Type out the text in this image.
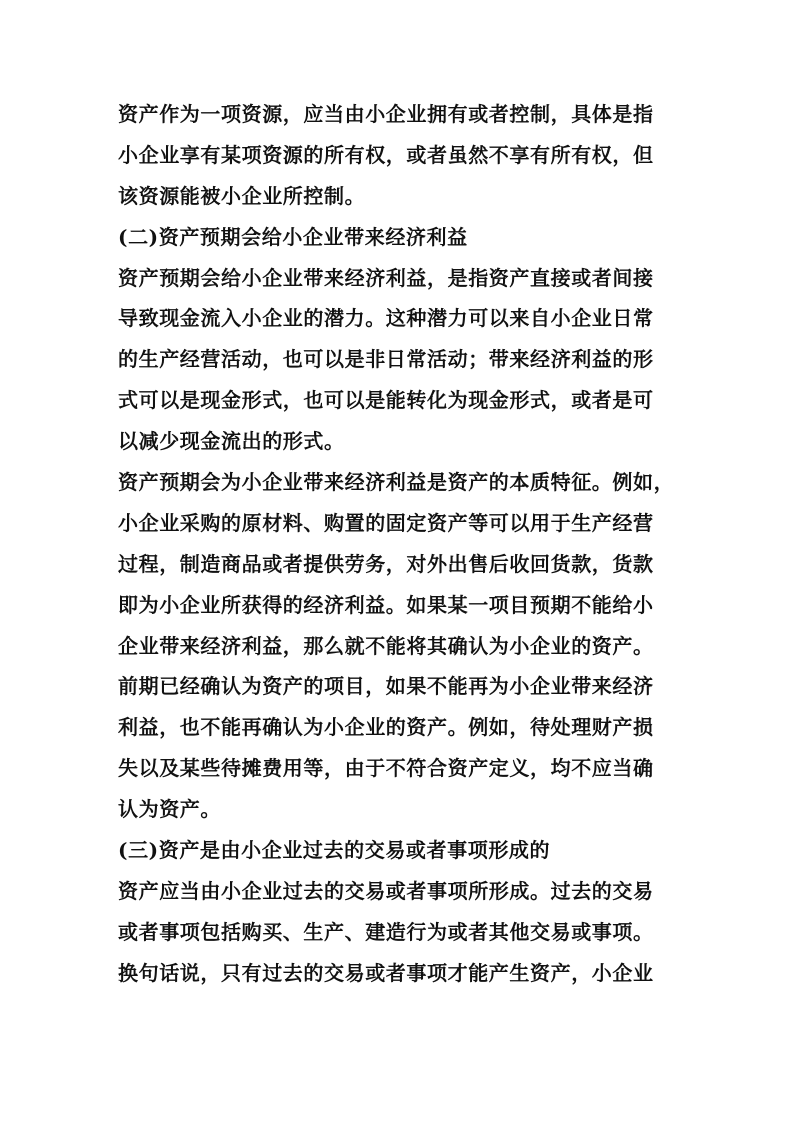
资产作为一项资源，应当由小企业拥有或者控制，具体是指
小企业享有某项资源的所有权，或者虽然不享有所有权，但
该资源能被小企业所控制。
(二)资产预期会给小企业带来经济利益
资产预期会给小企业带来经济利益，是指资产直接或者间接
导致现金流入小企业的潜力。这种潜力可以来自小企业日常
的生产经营活动，也可以是非日常活动；带来经济利益的形
式可以是现金形式，也可以是能转化为现金形式，或者是可
以减少现金流出的形式。
资产预期会为小企业带来经济利益是资产的本质特征。例如，
小企业采购的原材料、购置的固定资产等可以用于生产经营
过程，制造商品或者提供劳务，对外出售后收回货款，货款
即为小企业所获得的经济利益。如果某一项目预期不能给小
企业带来经济利益，那么就不能将其确认为小企业的资产。
前期已经确认为资产的项目，如果不能再为小企业带来经济
利益，也不能再确认为小企业的资产。例如，待处理财产损
失以及某些待摊费用等，由于不符合资产定义，均不应当确
认为资产。
(三)资产是由小企业过去的交易或者事项形成的
资产应当由小企业过去的交易或者事项所形成。过去的交易
或者事项包括购买、生产、建造行为或者其他交易或事项。
换句话说，只有过去的交易或者事项才能产生资产，小企业
